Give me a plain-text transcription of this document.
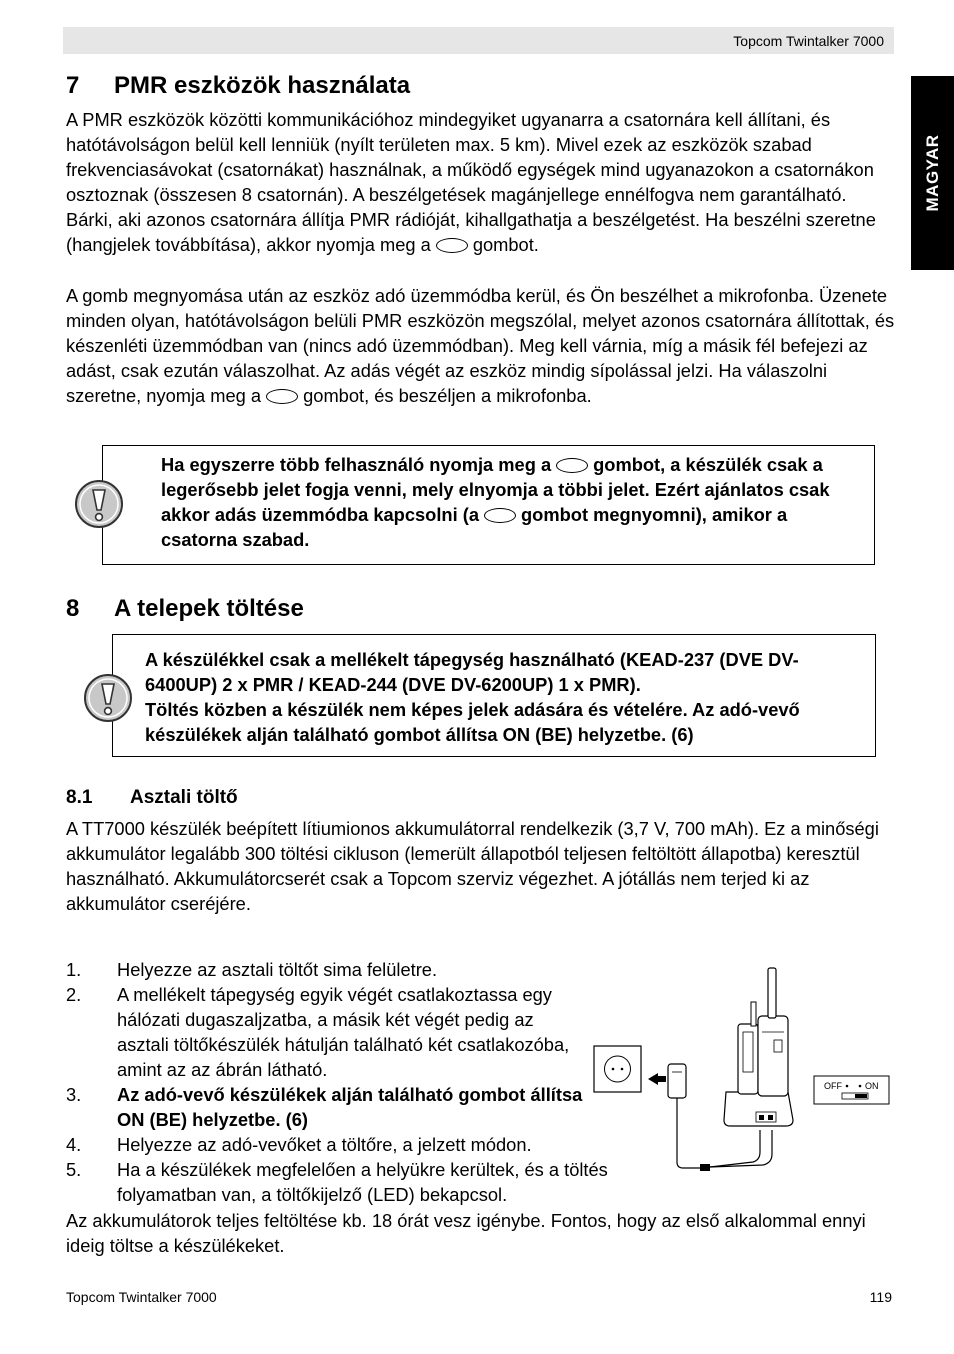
Topcom Twintalker 7000
MAGYAR
7 PMR eszközök használata

A PMR eszközök közötti kommunikációhoz mindegyiket ugyanarra a csatornára kell állítani, és hatótávolságon belül kell lenniük (nyílt területen max. 5 km). Mivel ezek az eszközök szabad frekvenciasávokat (csatornákat) használnak, a működő egységek mind ugyanazokon a csatornákon osztoznak (összesen 8 csatornán). A beszélgetések magánjellege ennélfogva nem garantálható. Bárki, aki azonos csatornára állítja PMR rádióját, kihallgathatja a beszélgetést. Ha beszélni szeretne (hangjelek továbbítása), akkor nyomja meg a gombot.

A gomb megnyomása után az eszköz adó üzemmódba kerül, és Ön beszélhet a mikrofonba. Üzenete minden olyan, hatótávolságon belüli PMR eszközön megszólal, melyet azonos csatornára állítottak, és készenléti üzemmódban van (nincs adó üzemmódban). Meg kell várnia, míg a másik fél befejezi az adást, csak ezután válaszolhat. Az adás végét az eszköz mindig sípolással jelzi. Ha válaszolni szeretne, nyomja meg a gombot, és beszéljen a mikrofonba.

Ha egyszerre több felhasználó nyomja meg a gombot, a készülék csak a legerősebb jelet fogja venni, mely elnyomja a többi jelet. Ezért ajánlatos csak akkor adás üzemmódba kapcsolni (a gombot megnyomni), amikor a csatorna szabad.

8 A telepek töltése
A készülékkel csak a mellékelt tápegység használható (KEAD-237 (DVE DV-6400UP) 2 x PMR / KEAD-244 (DVE DV-6200UP) 1 x PMR).
Töltés közben a készülék nem képes jelek adására és vételére. Az adó-vevő készülékek alján található gombot állítsa ON (BE) helyzetbe. (6)
8.1 Asztali töltő

A TT7000 készülék beépített lítiumionos akkumulátorral rendelkezik (3,7 V, 700 mAh). Ez a minőségi akkumulátor legalább 300 töltési cikluson (lemerült állapotból teljesen feltöltött állapotba) keresztül használható. Akkumulátorcserét csak a Topcom szerviz végezhet. A jótállás nem terjed ki az akkumulátor cseréjére.

1. Helyezze az asztali töltőt sima felületre.
2. A mellékelt tápegység egyik végét csatlakoztassa egy hálózati dugaszaljzatba, a másik két végét pedig az asztali töltőkészülék hátulján található két csatlakozóba, amint az az ábrán látható.
3. Az adó-vevő készülékek alján található gombot állítsa ON (BE) helyzetbe. (6)
4. Helyezze az adó-vevőket a töltőre, a jelzett módon.
5. Ha a készülékek megfelelően a helyükre kerültek, és a töltés folyamatban van, a töltőkijelző (LED) bekapcsol.

Az akkumulátorok teljes feltöltése kb. 18 órát vesz igénybe. Fontos, hogy az első alkalommal ennyi ideig töltse a készülékeket.

OFF	ON
Topcom Twintalker 7000	119
